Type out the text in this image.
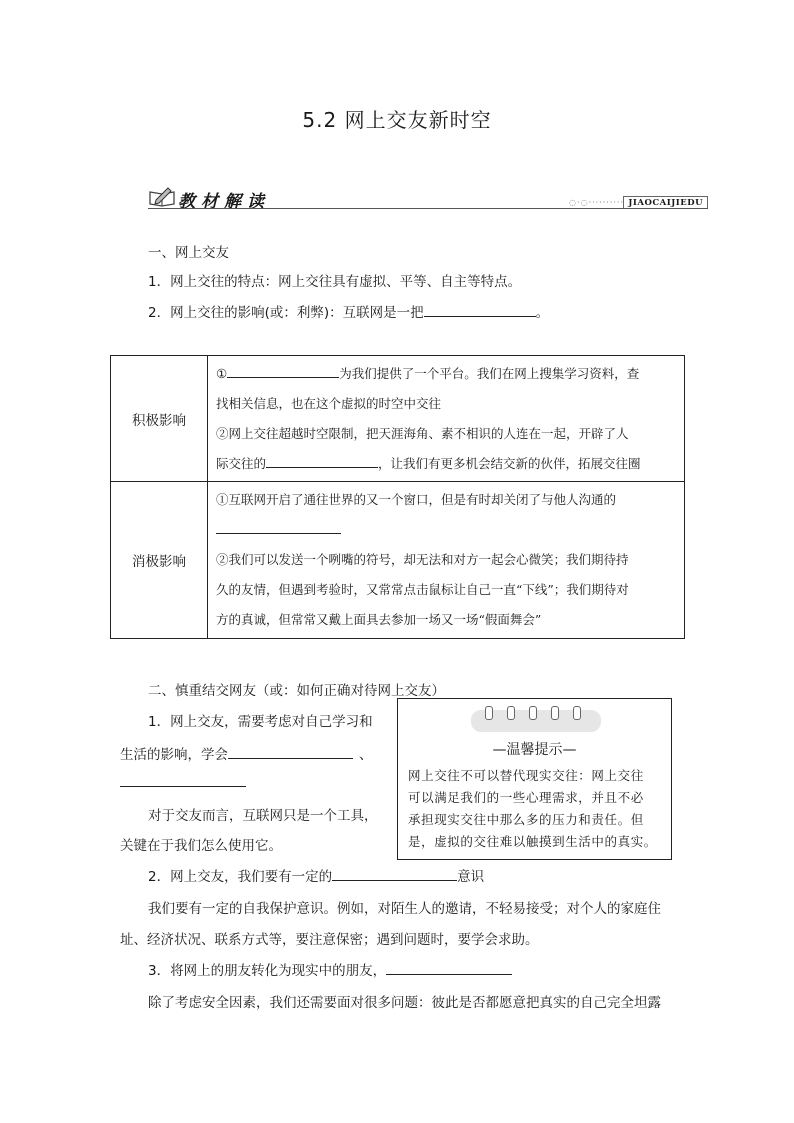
5.2 网上交友新时空
教材解读	◌·◌·········· JIAOCAIJIEDU
一、网上交友
1．网上交往的特点：网上交往具有虚拟、平等、自主等特点。
2．网上交往的影响(或：利弊)：互联网是一把	。
积极影响	① 为我们提供了一个平台。我们在网上搜集学习资料，查
找相关信息，也在这个虚拟的时空中交往
②网上交往超越时空限制，把天涯海角、素不相识的人连在一起，开辟了人
际交往的 ，让我们有更多机会结交新的伙伴，拓展交往圈

消极影响	①互联网开启了通往世界的又一个窗口，但是有时却关闭了与他人沟通的
②我们可以发送一个咧嘴的符号，却无法和对方一起会心微笑；我们期待持
久的友情，但遇到考验时，又常常点击鼠标让自己一直“下线”；我们期待对
方的真诚，但常常又戴上面具去参加一场又一场“假面舞会”
二、慎重结交网友（或：如何正确对待网上交友）
1．网上交友，需要考虑对自己学习和
生活的影响，学会	、
对于交友而言，互联网只是一个工具，
关键在于我们怎么使用它。
—温馨提示—
网上交往不可以替代现实交往：网上交往
可以满足我们的一些心理需求，并且不必
承担现实交往中那么多的压力和责任。但
是，虚拟的交往难以触摸到生活中的真实。
2．网上交友，我们要有一定的	意识
我们要有一定的自我保护意识。例如，对陌生人的邀请，不轻易接受；对个人的家庭住
址、经济状况、联系方式等，要注意保密；遇到问题时，要学会求助。
3．将网上的朋友转化为现实中的朋友，
除了考虑安全因素，我们还需要面对很多问题：彼此是否都愿意把真实的自己完全坦露
